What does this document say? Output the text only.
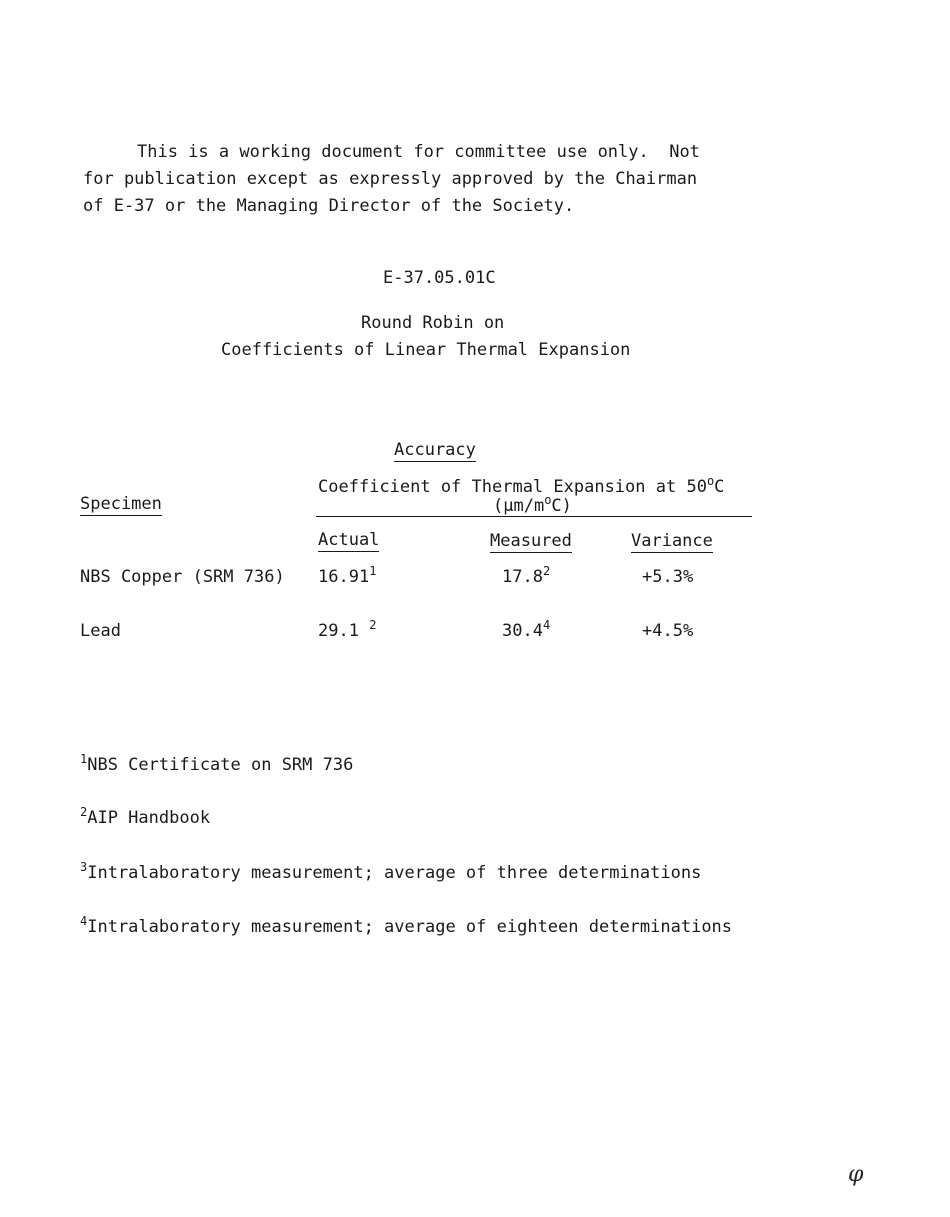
This is a working document for committee use only.  Not
for publication except as expressly approved by the Chairman
of E-37 or the Managing Director of the Society.
E-37.05.01C
Round Robin on
Coefficients of Linear Thermal Expansion
Accuracy
Specimen
Coefficient of Thermal Expansion at 50$^o$C
$(\mu m/m^oC)$
Actual	Measured	Variance
NBS Copper (SRM 736) 16.91$^1$	$17.8^2$	+5.3%
Lead	29.1 $^2$	$30.4^4$	+4.5%
$^1$NBS Certificate on SRM 736
$^2$AIP Handbook
$^3$Intralaboratory measurement; average of three determinations
$^4$Intralaboratory measurement; average of eighteen determinations
φ
